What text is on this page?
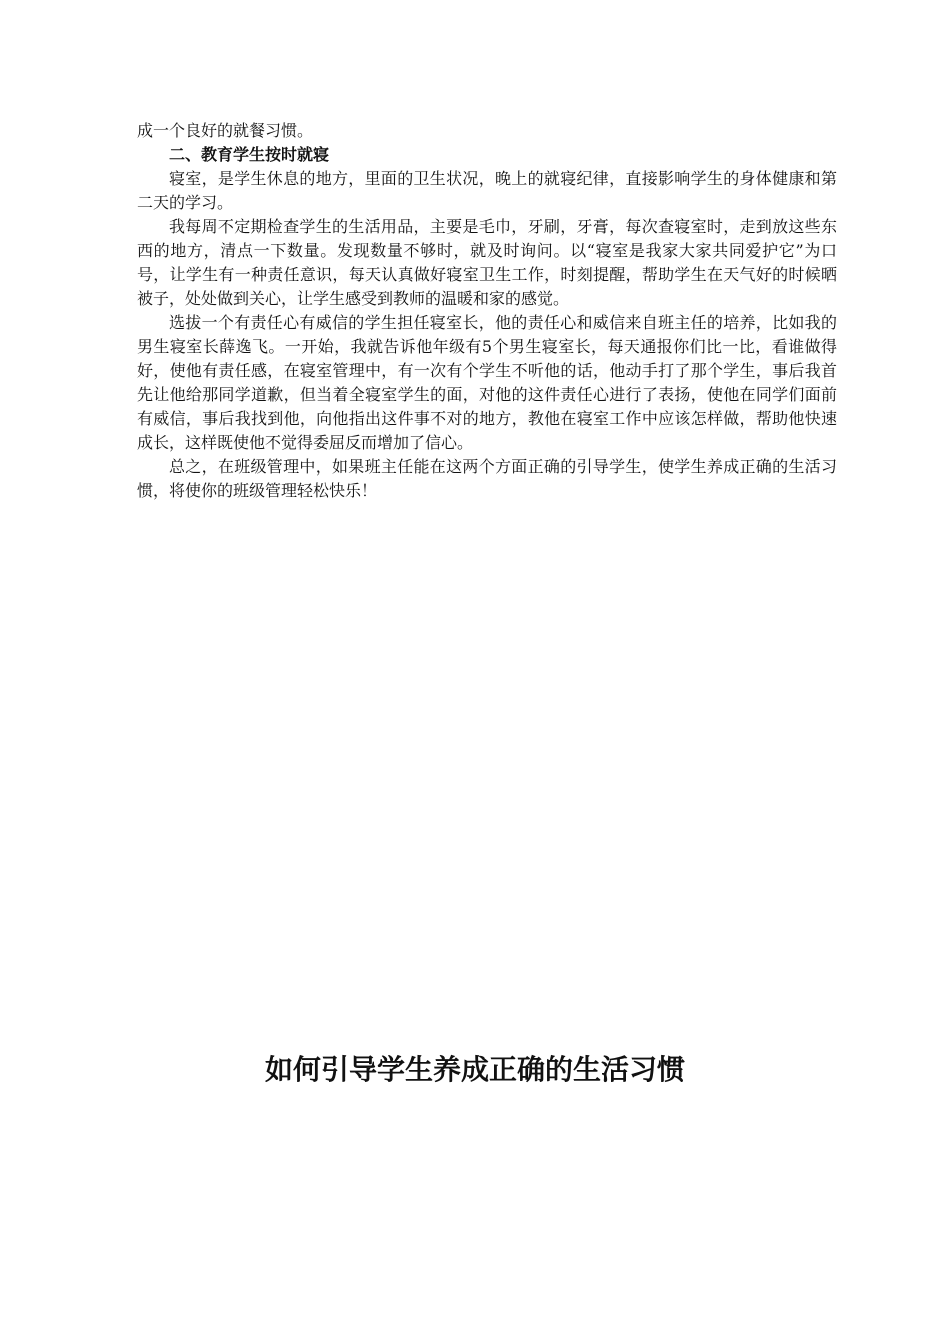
成一个良好的就餐习惯。

二、教育学生按时就寝

寝室，是学生休息的地方，里面的卫生状况，晚上的就寝纪律，直接影响学生的身体健康和第二天的学习。

我每周不定期检查学生的生活用品，主要是毛巾，牙刷，牙膏，每次查寝室时，走到放这些东西的地方，清点一下数量。发现数量不够时，就及时询问。以“寝室是我家大家共同爱护它”为口号，让学生有一种责任意识，每天认真做好寝室卫生工作，时刻提醒，帮助学生在天气好的时候晒被子，处处做到关心，让学生感受到教师的温暖和家的感觉。

选拔一个有责任心有威信的学生担任寝室长，他的责任心和威信来自班主任的培养，比如我的男生寝室长薛逸飞。一开始，我就告诉他年级有5个男生寝室长，每天通报你们比一比，看谁做得好，使他有责任感，在寝室管理中，有一次有个学生不听他的话，他动手打了那个学生，事后我首先让他给那同学道歉，但当着全寝室学生的面，对他的这件责任心进行了表扬，使他在同学们面前有威信，事后我找到他，向他指出这件事不对的地方，教他在寝室工作中应该怎样做，帮助他快速成长，这样既使他不觉得委屈反而增加了信心。

总之，在班级管理中，如果班主任能在这两个方面正确的引导学生，使学生养成正确的生活习惯，将使你的班级管理轻松快乐！

如何引导学生养成正确的生活习惯
